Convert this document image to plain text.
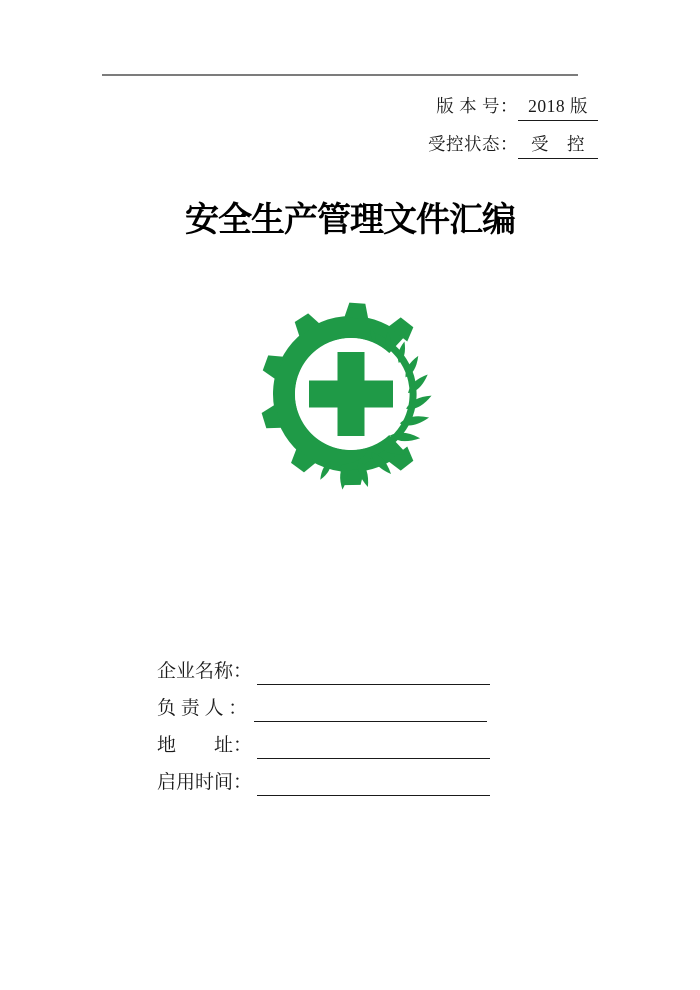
版 本 号： 2018 版
受控状态： 受　控
安全生产管理文件汇编
企业名称：
负 责 人 ：
地　　址：
启用时间：
